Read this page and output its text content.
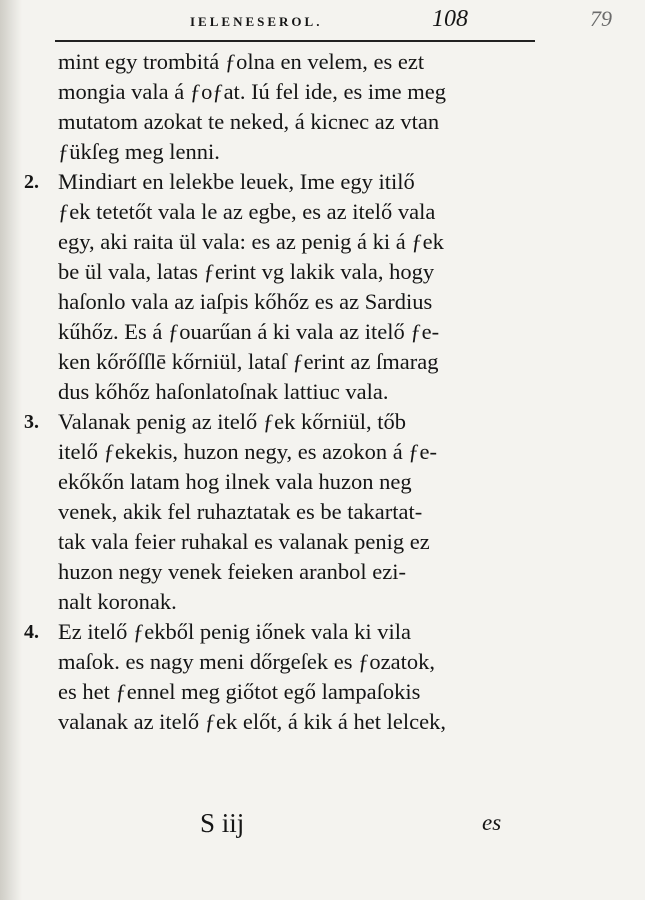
IELENESEROL.	108	79
mint egy trombitá ƒolna en velem, es ezt
mongia vala á ƒoƒat. Iú fel ide, es ime meg
mutatom azokat te neked, á kicnec az vtan
ƒükſeg meg lenni.
2. Mindiart en lelekbe leuek, Ime egy itilő
ƒek tetetőt vala le az egbe, es az itelő vala
egy, aki raita ül vala: es az penig á ki á ƒek
be ül vala, latas ƒerint vg lakik vala, hogy
haſonlo vala az iaſpis kőhőz es az Sardius
kűhőz. Es á ƒouarűan á ki vala az itelő ƒe-
ken kőrőſſlē kőrniül, lataſ ƒerint az ſmarag
dus kőhőz haſonlatoſnak lattiuc vala.
3. Valanak penig az itelő ƒek kőrniül, tőb
itelő ƒekekis, huzon negy, es azokon á ƒe-
ekőkőn latam hog ilnek vala huzon neg
venek, akik fel ruhaztatak es be takartat-
tak vala feier ruhakal es valanak penig ez
huzon negy venek feieken aranbol ezi-
nalt koronak.
4. Ez itelő ƒekből penig iőnek vala ki vila
maſok. es nagy meni dőrgeſek es ƒozatok,
es het ƒennel meg giőtot egő lampaſokis
valanak az itelő ƒek előt, á kik á het lelcek,
S iij	es
